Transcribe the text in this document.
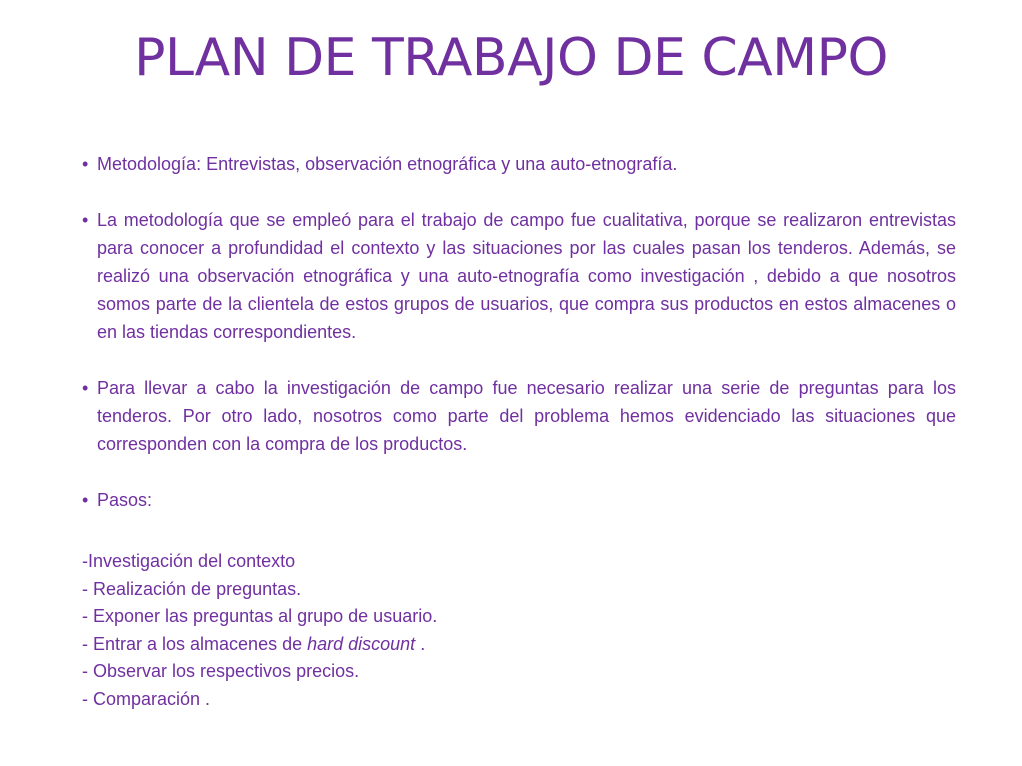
PLAN DE TRABAJO DE CAMPO
• Metodología: Entrevistas, observación etnográfica y una auto-etnografía.
• La metodología que se empleó para el trabajo de campo fue cualitativa, porque se realizaron entrevistas para conocer a profundidad el contexto y las situaciones por las cuales pasan los tenderos. Además, se realizó una observación etnográfica y una auto-etnografía como investigación , debido a que nosotros somos parte de la clientela de estos grupos de usuarios, que compra sus productos en estos almacenes o en las tiendas correspondientes.
• Para llevar a cabo la investigación de campo fue necesario realizar una serie de preguntas para los tenderos. Por otro lado, nosotros como parte del problema hemos evidenciado las situaciones que corresponden con la compra de los productos.
• Pasos:
-Investigación del contexto
- Realización de preguntas.
- Exponer las preguntas al grupo de usuario.
- Entrar a los almacenes de hard discount .
- Observar los respectivos precios.
- Comparación .
